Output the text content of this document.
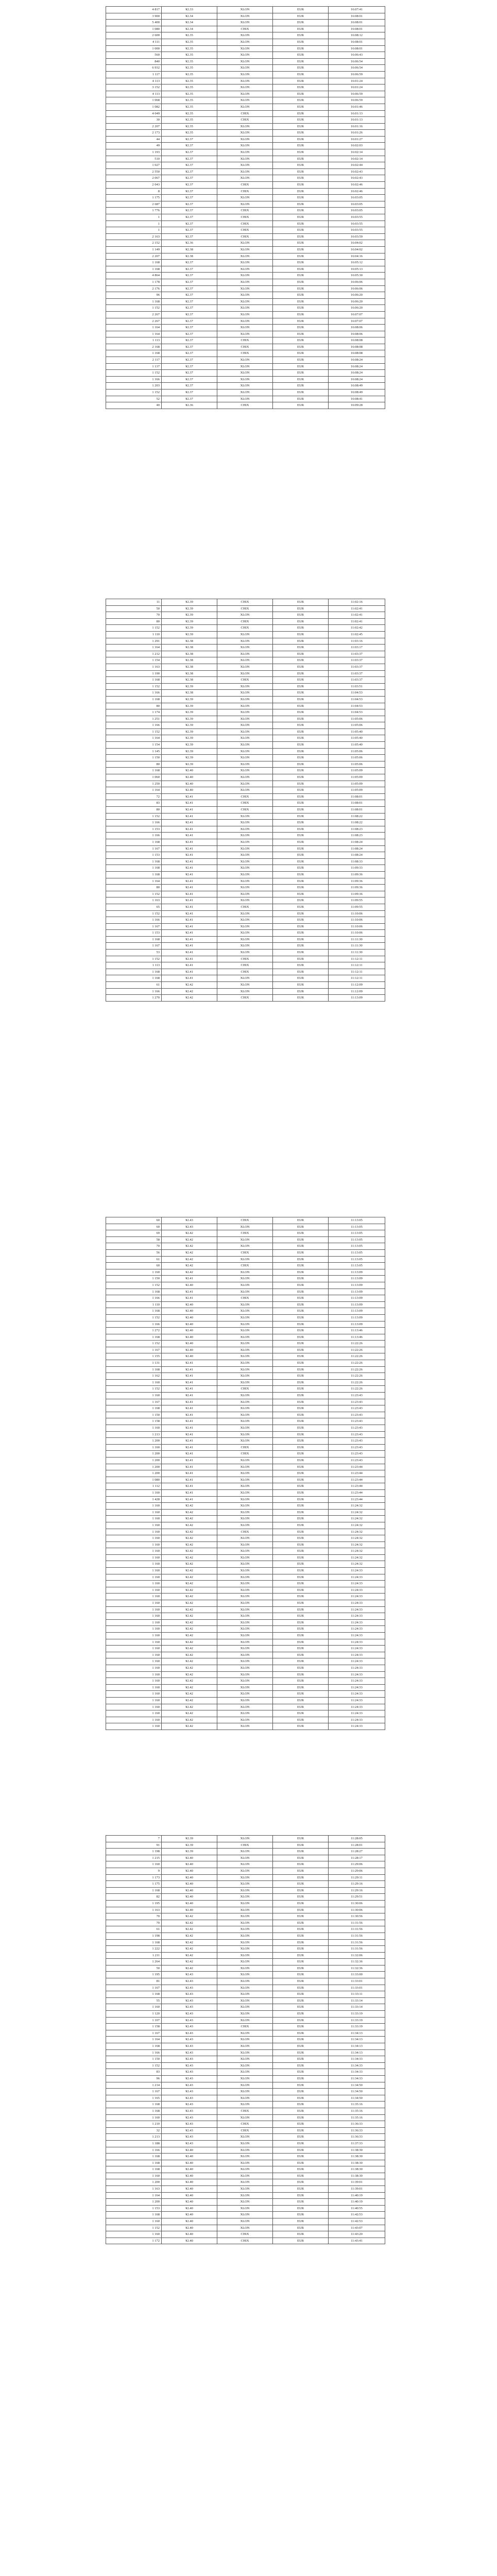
4 817	¥2.33	XLON	EUR	16:07:41
3 900	¥2.34	XLON	EUR	16:08:01
5 400	¥2.34	XLON	EUR	16:08:01
1 080	¥2.34	CHIX	EUR	16:08:01
2 600	¥2.35	XLON	EUR	16:08:12
4 111	¥2.35	XLON	EUR	16:08:01
1 000	¥2.35	XLON	EUR	16:08:01
560	¥2.35	XLON	EUR	16:06:43
840	¥2.35	XLON	EUR	16:06:54
6 932	¥2.35	XLON	EUR	16:06:54
1 117	¥2.35	XLON	EUR	16:06:59
4 113	¥2.35	XLON	EUR	16:01:24
3 152	¥2.35	XLON	EUR	16:01:24
4 113	¥2.35	XLON	EUR	16:06:59
1 068	¥2.35	XLON	EUR	16:06:59
1 082	¥2.35	XLON	EUR	16:01:46
4 049	¥2.35	CHIX	EUR	16:01:13
30	¥2.35	CHIX	EUR	16:01:13
2 207	¥2.35	XLON	EUR	16:01:16
2 173	¥2.35	XLON	EUR	16:01:26
44	¥2.37	XLON	EUR	16:01:27
49	¥2.37	XLON	EUR	16:02:03
1 193	¥2.37	XLON	EUR	16:02:14
510	¥2.37	XLON	EUR	16:02:14
1 027	¥2.37	XLON	EUR	16:02:44
2 550	¥2.37	XLON	EUR	16:02:43
2 067	¥2.37	XLON	EUR	16:02:43
2 043	¥2.37	CHIX	EUR	16:02:46
8	¥2.37	CHIX	EUR	16:02:46
1 175	¥2.37	XLON	EUR	16:03:05
2 687	¥2.37	XLON	EUR	16:03:05
1 776	¥2.37	CHIX	EUR	16:03:05
1	¥2.37	CHIX	EUR	16:03:55
1	¥2.37	CHIX	EUR	16:03:55
1	¥2.37	CHIX	EUR	16:03:55
2 163	¥2.37	CHIX	EUR	16:03:59
2 152	¥2.36	XLON	EUR	16:04:02
1 149	¥2.38	XLON	EUR	16:04:02
2 207	¥2.38	XLON	EUR	16:04:16
1 168	¥2.37	XLON	EUR	16:05:12
1 168	¥2.37	XLON	EUR	16:05:13
4 864	¥2.37	XLON	EUR	16:05:30
1 178	¥2.37	XLON	EUR	16:06:06
2 176	¥2.37	XLON	EUR	16:06:06
96	¥2.37	XLON	EUR	16:06:20
1 168	¥2.37	XLON	EUR	16:06:20
1 152	¥2.37	XLON	EUR	16:06:20
2 267	¥2.37	XLON	EUR	16:07:07
2 267	¥2.37	XLON	EUR	16:07:07
1 164	¥2.37	XLON	EUR	16:08:06
1 164	¥2.37	XLON	EUR	16:08:06
1 113	¥2.37	CHIX	EUR	16:08:08
2 168	¥2.37	CHIX	EUR	16:08:08
1 168	¥2.37	CHIX	EUR	16:08:08
2 117	¥2.37	XLON	EUR	16:08:24
1 137	¥2.37	XLON	EUR	16:08:24
1 152	¥2.37	XLON	EUR	16:08:24
1 166	¥2.37	XLON	EUR	16:08:24
1 203	¥2.37	XLON	EUR	16:08:49
1 152	¥2.37	XLON	EUR	16:08:49
52	¥2.37	XLON	EUR	16:08:41
40	¥2.36	CHIX	EUR	16:09:28
11	¥2.39	CHIX	EUR	11:02:16
50	¥2.39	CHIX	EUR	11:02:41
70	¥2.39	XLON	EUR	11:02:41
80	¥2.39	CHIX	EUR	11:02:41
1 152	¥2.39	CHIX	EUR	11:02:42
1 110	¥2.39	XLON	EUR	11:02:45
1 291	¥2.38	XLON	EUR	11:03:16
1 164	¥2.38	XLON	EUR	11:03:17
1 212	¥2.38	XLON	EUR	11:03:37
1 154	¥2.38	XLON	EUR	11:03:37
1 163	¥2.38	XLON	EUR	11:03:37
1 190	¥2.38	XLON	EUR	11:03:37
1 168	¥2.38	CHIX	EUR	11:03:37
1 152	¥2.39	XLON	EUR	11:03:51
1 166	¥2.38	XLON	EUR	11:04:53
1 168	¥2.39	XLON	EUR	11:04:53
80	¥2.39	XLON	EUR	11:04:53
1 174	¥2.39	XLON	EUR	11:04:53
1 251	¥2.39	XLON	EUR	11:05:06
1 166	¥2.39	XLON	EUR	11:05:06
1 152	¥2.39	XLON	EUR	11:05:40
1 164	¥2.39	XLON	EUR	11:05:40
1 154	¥2.39	XLON	EUR	11:05:40
1 145	¥2.39	XLON	EUR	11:05:06
1 150	¥2.39	XLON	EUR	11:05:06
80	¥2.39	XLON	EUR	11:05:06
1 168	¥2.40	XLON	EUR	11:05:09
1 060	¥2.40	XLON	EUR	11:05:09
1 250	¥2.40	XLON	EUR	11:05:09
1 164	¥2.40	XLON	EUR	11:05:09
72	¥2.41	CHIX	EUR	11:08:01
83	¥2.41	CHIX	EUR	11:08:01
80	¥2.41	CHIX	EUR	11:08:01
1 152	¥2.41	XLON	EUR	11:08:22
1 166	¥2.41	XLON	EUR	11:08:22
1 153	¥2.41	XLON	EUR	11:08:23
1 166	¥2.41	XLON	EUR	11:08:23
1 168	¥2.41	XLON	EUR	11:08:24
1 167	¥2.41	XLON	EUR	11:08:24
1 153	¥2.41	XLON	EUR	11:08:24
1 168	¥2.41	XLON	EUR	11:08:33
1 168	¥2.41	XLON	EUR	11:09:33
1 168	¥2.41	XLON	EUR	11:09:36
1 164	¥2.41	XLON	EUR	11:09:36
80	¥2.41	XLON	EUR	11:09:36
1 152	¥2.41	XLON	EUR	11:09:36
1 163	¥2.41	XLON	EUR	11:09:55
65	¥2.41	CHIX	EUR	11:09:55
1 152	¥2.41	XLON	EUR	11:10:06
1 166	¥2.41	XLON	EUR	11:10:06
1 167	¥2.41	XLON	EUR	11:10:06
1 153	¥2.41	XLON	EUR	11:10:06
1 168	¥2.41	XLON	EUR	11:11:30
1 167	¥2.41	XLON	EUR	11:11:30
53	¥2.41	XLON	EUR	11:11:30
1 152	¥2.41	CHIX	EUR	11:12:11
1 113	¥2.41	CHIX	EUR	11:12:11
1 168	¥2.41	CHIX	EUR	11:12:11
1 168	¥2.41	XLON	EUR	11:12:11
61	¥2.42	XLON	EUR	11:12:09
1 166	¥2.42	XLON	EUR	11:12:09
1 270	¥2.42	CHIX	EUR	11:13:09
60	¥2.43	CHIX	EUR	11:13:05
60	¥2.43	XLON	EUR	11:13:05
69	¥2.42	CHIX	EUR	11:13:05
58	¥2.42	XLON	EUR	11:13:05
70	¥2.42	XLON	EUR	11:13:05
56	¥2.42	CHIX	EUR	11:13:05
61	¥2.42	XLON	EUR	11:13:05
60	¥2.42	CHIX	EUR	11:13:05
1 160	¥2.42	XLON	EUR	11:13:09
1 150	¥2.41	XLON	EUR	11:13:09
1 152	¥2.40	XLON	EUR	11:13:09
1 168	¥2.41	XLON	EUR	11:13:09
1 166	¥2.41	CHIX	EUR	11:13:09
1 110	¥2.40	XLON	EUR	11:13:09
1 168	¥2.40	XLON	EUR	11:13:09
1 152	¥2.40	XLON	EUR	11:13:09
1 166	¥2.40	XLON	EUR	11:13:09
1 272	¥2.40	XLON	EUR	11:13:46
1 168	¥2.40	XLON	EUR	11:13:46
1 152	¥2.40	XLON	EUR	11:22:26
1 167	¥2.40	XLON	EUR	11:22:26
1 155	¥2.40	XLON	EUR	11:22:26
1 131	¥2.41	XLON	EUR	11:22:26
1 168	¥2.41	XLON	EUR	11:22:26
1 162	¥2.41	XLON	EUR	11:22:26
1 160	¥2.41	XLON	EUR	11:22:26
1 152	¥2.41	CHIX	EUR	11:22:26
1 160	¥2.41	XLON	EUR	11:23:43
1 167	¥2.41	XLON	EUR	11:23:43
1 168	¥2.41	XLON	EUR	11:23:43
1 150	¥2.41	XLON	EUR	11:23:43
1 158	¥2.41	XLON	EUR	11:23:43
1 160	¥2.41	XLON	EUR	11:23:43
1 213	¥2.41	XLON	EUR	11:23:43
1 200	¥2.41	XLON	EUR	11:23:43
1 160	¥2.41	CHIX	EUR	11:23:43
1 200	¥2.41	CHIX	EUR	11:23:43
1 200	¥2.41	XLON	EUR	11:23:43
1 200	¥2.41	XLON	EUR	11:23:44
1 200	¥2.41	XLON	EUR	11:23:44
1 080	¥2.41	XLON	EUR	11:23:44
1 112	¥2.41	XLON	EUR	11:23:44
1 160	¥2.41	XLON	EUR	11:23:44
1 428	¥2.41	XLON	EUR	11:23:44
1 160	¥2.42	XLON	EUR	11:24:32
1 160	¥2.42	XLON	EUR	11:24:32
1 160	¥2.42	XLON	EUR	11:24:32
1 160	¥2.42	XLON	EUR	11:24:32
1 160	¥2.42	CHIX	EUR	11:24:32
1 160	¥2.42	XLON	EUR	11:24:32
1 160	¥2.42	XLON	EUR	11:24:32
1 160	¥2.42	XLON	EUR	11:24:32
1 160	¥2.42	XLON	EUR	11:24:32
1 160	¥2.42	XLON	EUR	11:24:32
1 160	¥2.42	XLON	EUR	11:24:33
1 160	¥2.42	XLON	EUR	11:24:33
1 160	¥2.42	XLON	EUR	11:24:33
1 160	¥2.42	XLON	EUR	11:24:33
1 160	¥2.42	XLON	EUR	11:24:33
1 160	¥2.42	XLON	EUR	11:24:33
1 160	¥2.42	XLON	EUR	11:24:33
1 160	¥2.42	XLON	EUR	11:24:33
1 160	¥2.42	XLON	EUR	11:24:33
1 160	¥2.42	XLON	EUR	11:24:33
1 160	¥2.42	XLON	EUR	11:24:33
1 160	¥2.42	XLON	EUR	11:24:33
1 160	¥2.42	XLON	EUR	11:24:33
1 160	¥2.42	XLON	EUR	11:24:33
1 160	¥2.42	XLON	EUR	11:24:33
1 160	¥2.42	XLON	EUR	11:24:33
1 160	¥2.42	XLON	EUR	11:24:33
1 160	¥2.42	XLON	EUR	11:24:33
1 160	¥2.42	XLON	EUR	11:24:33
1 160	¥2.42	XLON	EUR	11:24:33
1 160	¥2.42	XLON	EUR	11:24:33
1 160	¥2.42	XLON	EUR	11:24:33
1 160	¥2.42	XLON	EUR	11:24:33
1 160	¥2.42	XLON	EUR	11:24:33
1 160	¥2.42	XLON	EUR	11:24:33
7	¥2.39	XLON	EUR	11:28:05
91	¥2.39	CHIX	EUR	11:28:01
1 198	¥2.39	XLON	EUR	11:28:27
1 215	¥2.40	XLON	EUR	11:28:17
1 160	¥2.40	XLON	EUR	11:29:06
9	¥2.40	XLON	EUR	11:29:06
1 173	¥2.40	XLON	EUR	11:29:11
1 175	¥2.40	XLON	EUR	11:29:16
1 168	¥2.40	XLON	EUR	11:29:16
82	¥2.40	XLON	EUR	11:29:51
1 195	¥2.40	XLON	EUR	11:30:06
1 163	¥2.40	XLON	EUR	11:30:06
70	¥2.42	XLON	EUR	11:30:56
70	¥2.42	XLON	EUR	11:31:56
61	¥2.42	XLON	EUR	11:31:56
1 198	¥2.42	XLON	EUR	11:31:56
1 168	¥2.42	XLON	EUR	11:31:56
1 222	¥2.42	XLON	EUR	11:31:56
1 211	¥2.42	XLON	EUR	11:32:06
1 264	¥2.42	XLON	EUR	11:32:36
50	¥2.42	XLON	EUR	11:32:36
1 195	¥2.43	XLON	EUR	11:33:00
81	¥2.43	XLON	EUR	11:33:01
1 167	¥2.43	XLON	EUR	11:33:01
1 168	¥2.43	XLON	EUR	11:33:11
55	¥2.43	XLON	EUR	11:33:14
1 160	¥2.43	XLON	EUR	11:33:14
1 120	¥2.43	XLON	EUR	11:33:19
1 107	¥2.43	XLON	EUR	11:33:19
1 158	¥2.43	CHIX	EUR	11:33:19
1 167	¥2.43	XLON	EUR	11:34:13
1 164	¥2.43	XLON	EUR	11:34:13
1 168	¥2.43	XLON	EUR	11:34:13
1 166	¥2.43	XLON	EUR	11:34:13
1 150	¥2.43	XLON	EUR	11:34:33
1 152	¥2.43	XLON	EUR	11:34:33
83	¥2.43	XLON	EUR	11:34:33
96	¥2.43	XLON	EUR	11:34:33
1 214	¥2.43	XLON	EUR	11:34:50
1 167	¥2.43	XLON	EUR	11:34:50
1 165	¥2.43	XLON	EUR	11:34:50
1 168	¥2.43	XLON	EUR	11:35:16
1 168	¥2.43	CHIX	EUR	11:35:16
1 160	¥2.43	XLON	EUR	11:35:16
1 210	¥2.43	CHIX	EUR	11:36:33
32	¥2.43	CHIX	EUR	11:36:33
1 213	¥2.43	XLON	EUR	11:36:33
1 188	¥2.43	XLON	EUR	11:37:33
1 166	¥2.40	XLON	EUR	11:38:30
1 168	¥2.40	XLON	EUR	11:38:30
1 168	¥2.40	XLON	EUR	11:38:30
1 168	¥2.40	XLON	EUR	11:38:30
1 160	¥2.40	XLON	EUR	11:38:30
1 200	¥2.40	XLON	EUR	11:39:01
1 163	¥2.40	XLON	EUR	11:39:01
1 164	¥2.40	XLON	EUR	11:40:19
1 200	¥2.40	XLON	EUR	11:40:19
1 153	¥2.40	XLON	EUR	11:40:55
1 168	¥2.40	XLON	EUR	11:42:53
1 160	¥2.40	XLON	EUR	11:42:53
1 152	¥2.40	XLON	EUR	11:43:07
1 160	¥2.40	CHIX	EUR	11:43:20
1 172	¥2.40	CHIX	EUR	11:43:41
